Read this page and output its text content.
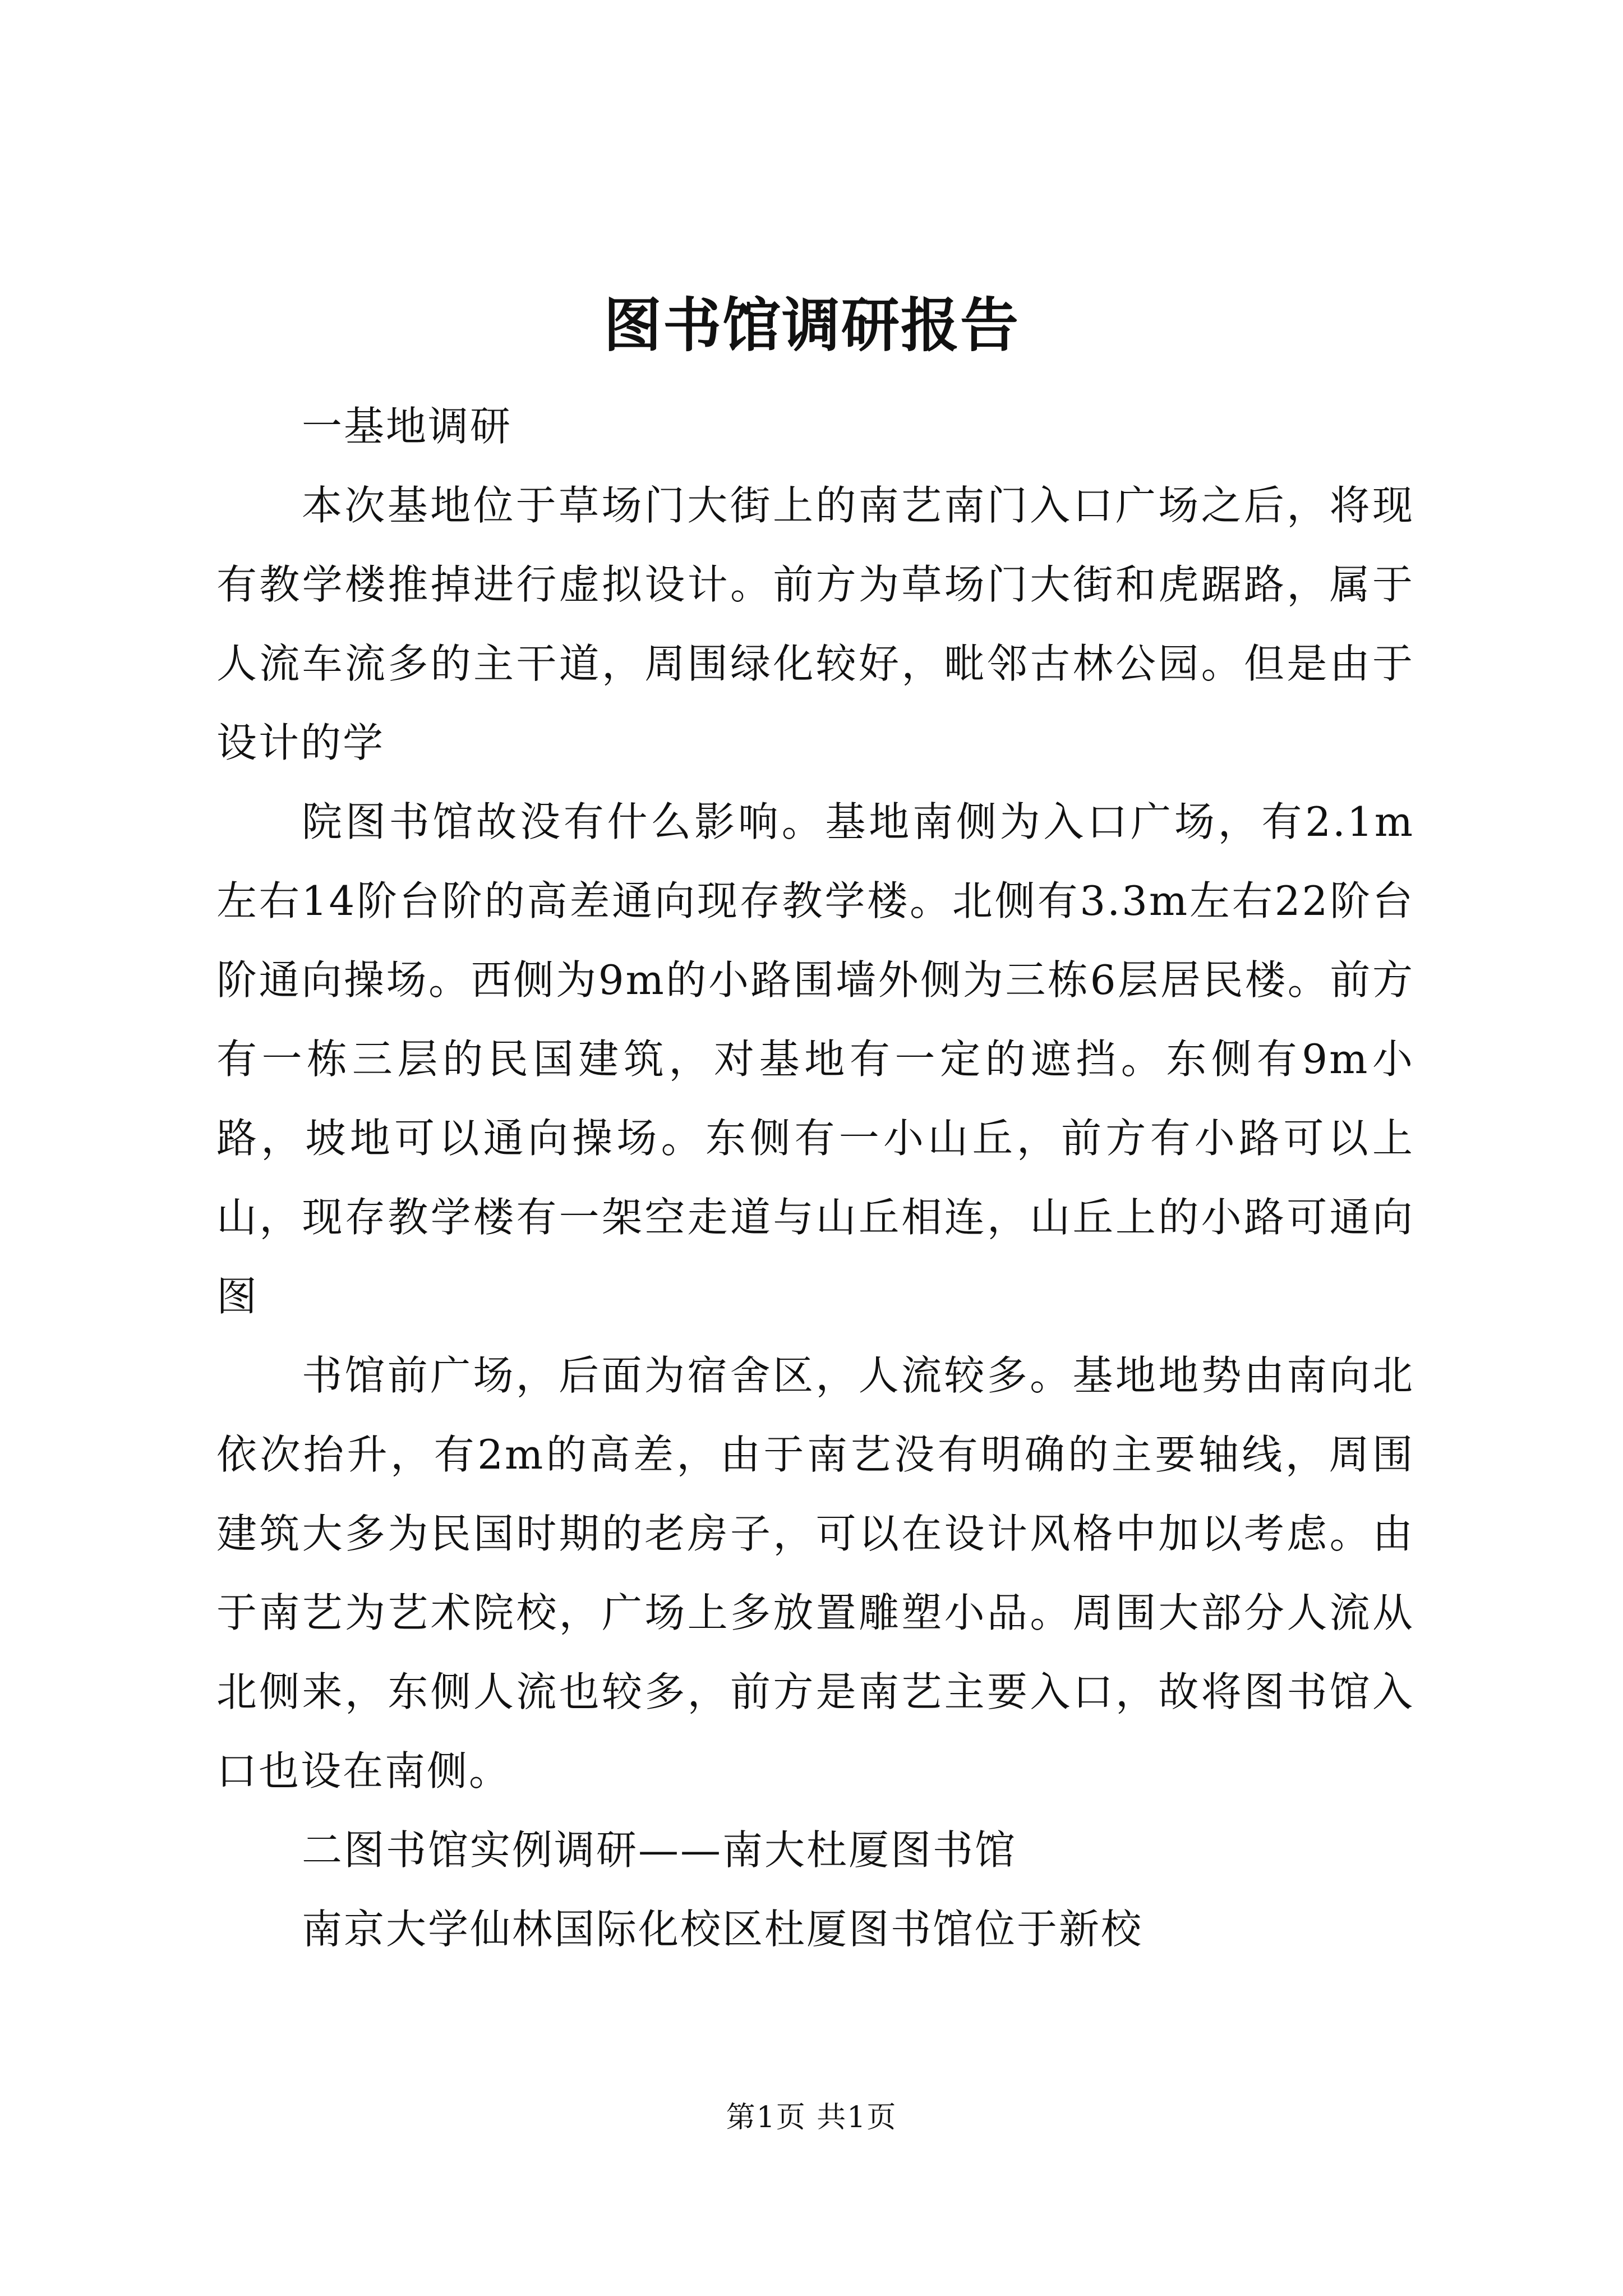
图书馆调研报告

一基地调研

本次基地位于草场门大街上的南艺南门入口广场之后，将现有教学楼推掉进行虚拟设计。前方为草场门大街和虎踞路，属于人流车流多的主干道，周围绿化较好，毗邻古林公园。但是由于设计的学

院图书馆故没有什么影响。基地南侧为入口广场，有2.1m左右14阶台阶的高差通向现存教学楼。北侧有3.3m左右22阶台阶通向操场。西侧为9m的小路围墙外侧为三栋6层居民楼。前方有一栋三层的民国建筑，对基地有一定的遮挡。东侧有9m小路，坡地可以通向操场。东侧有一小山丘，前方有小路可以上山，现存教学楼有一架空走道与山丘相连，山丘上的小路可通向图

书馆前广场，后面为宿舍区，人流较多。基地地势由南向北依次抬升，有2m的高差，由于南艺没有明确的主要轴线，周围建筑大多为民国时期的老房子，可以在设计风格中加以考虑。由于南艺为艺术院校，广场上多放置雕塑小品。周围大部分人流从北侧来，东侧人流也较多，前方是南艺主要入口，故将图书馆入口也设在南侧。

二图书馆实例调研——南大杜厦图书馆

南京大学仙林国际化校区杜厦图书馆位于新校

第1页 共1页
